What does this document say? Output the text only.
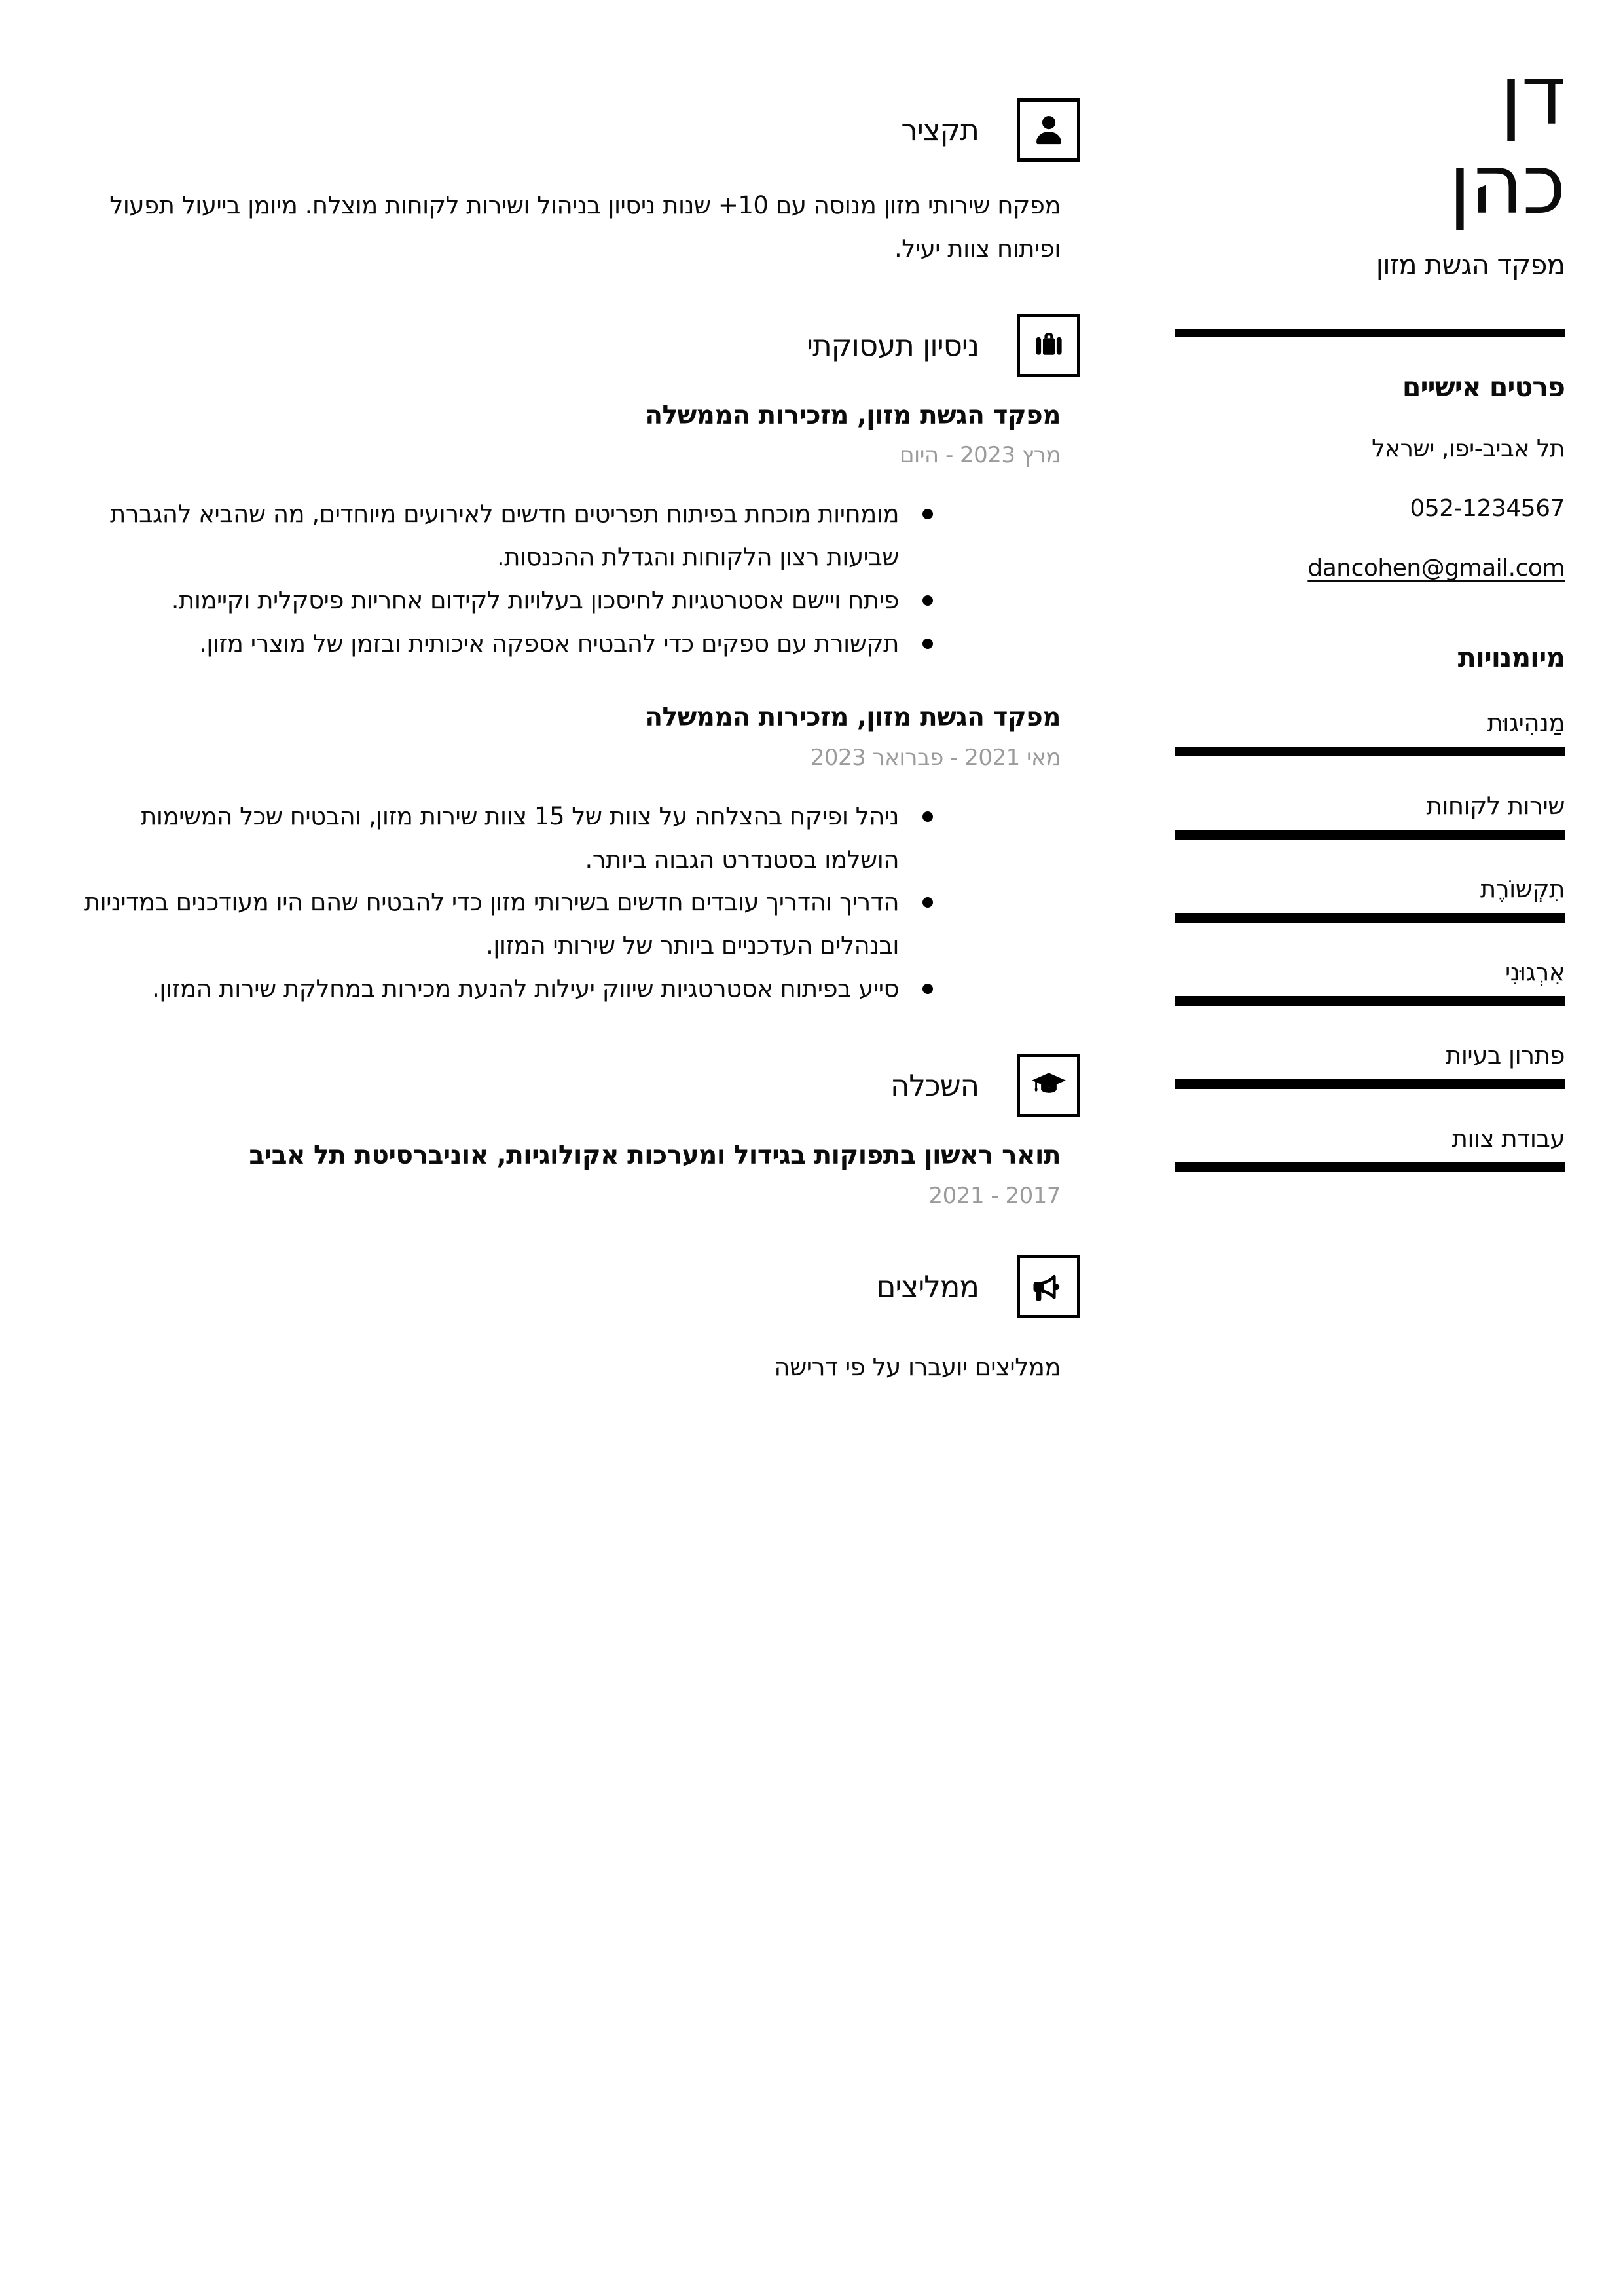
דן
כהן
מפקד הגשת מזון
פרטים אישיים
תל אביב-יפו, ישראל
052-1234567
dancohen@gmail.com
מיומנויות
מַנהִיגוּת
שירות לקוחות
תִקְשוֹרֶת
אִרְגוּנִי
פתרון בעיות
עבודת צוות
תקציר

מפקח שירותי מזון מנוסה עם 10+ שנות ניסיון בניהול ושירות לקוחות מוצלח. מיומן בייעול תפעול ופיתוח צוות יעיל.

ניסיון תעסוקתי
מפקד הגשת מזון, מזכירות הממשלה
מרץ 2023 - היום
מומחיות מוכחת בפיתוח תפריטים חדשים לאירועים מיוחדים, מה שהביא להגברת שביעות רצון הלקוחות והגדלת ההכנסות.
פיתח ויישם אסטרטגיות לחיסכון בעלויות לקידום אחריות פיסקלית וקיימות.
תקשורת עם ספקים כדי להבטיח אספקה איכותית ובזמן של מוצרי מזון.
מפקד הגשת מזון, מזכירות הממשלה
מאי 2021 - פברואר 2023
ניהל ופיקח בהצלחה על צוות של 15 צוות שירות מזון, והבטיח שכל המשימות הושלמו בסטנדרט הגבוה ביותר.
הדריך והדריך עובדים חדשים בשירותי מזון כדי להבטיח שהם היו מעודכנים במדיניות ובנהלים העדכניים ביותר של שירותי המזון.
סייע בפיתוח אסטרטגיות שיווק יעילות להנעת מכירות במחלקת שירות המזון.
השכלה
תואר ראשון בתפוקות בגידול ומערכות אקולוגיות, אוניברסיטת תל אביב
2017 - 2021
ממליצים

ממליצים יועברו על פי דרישה
